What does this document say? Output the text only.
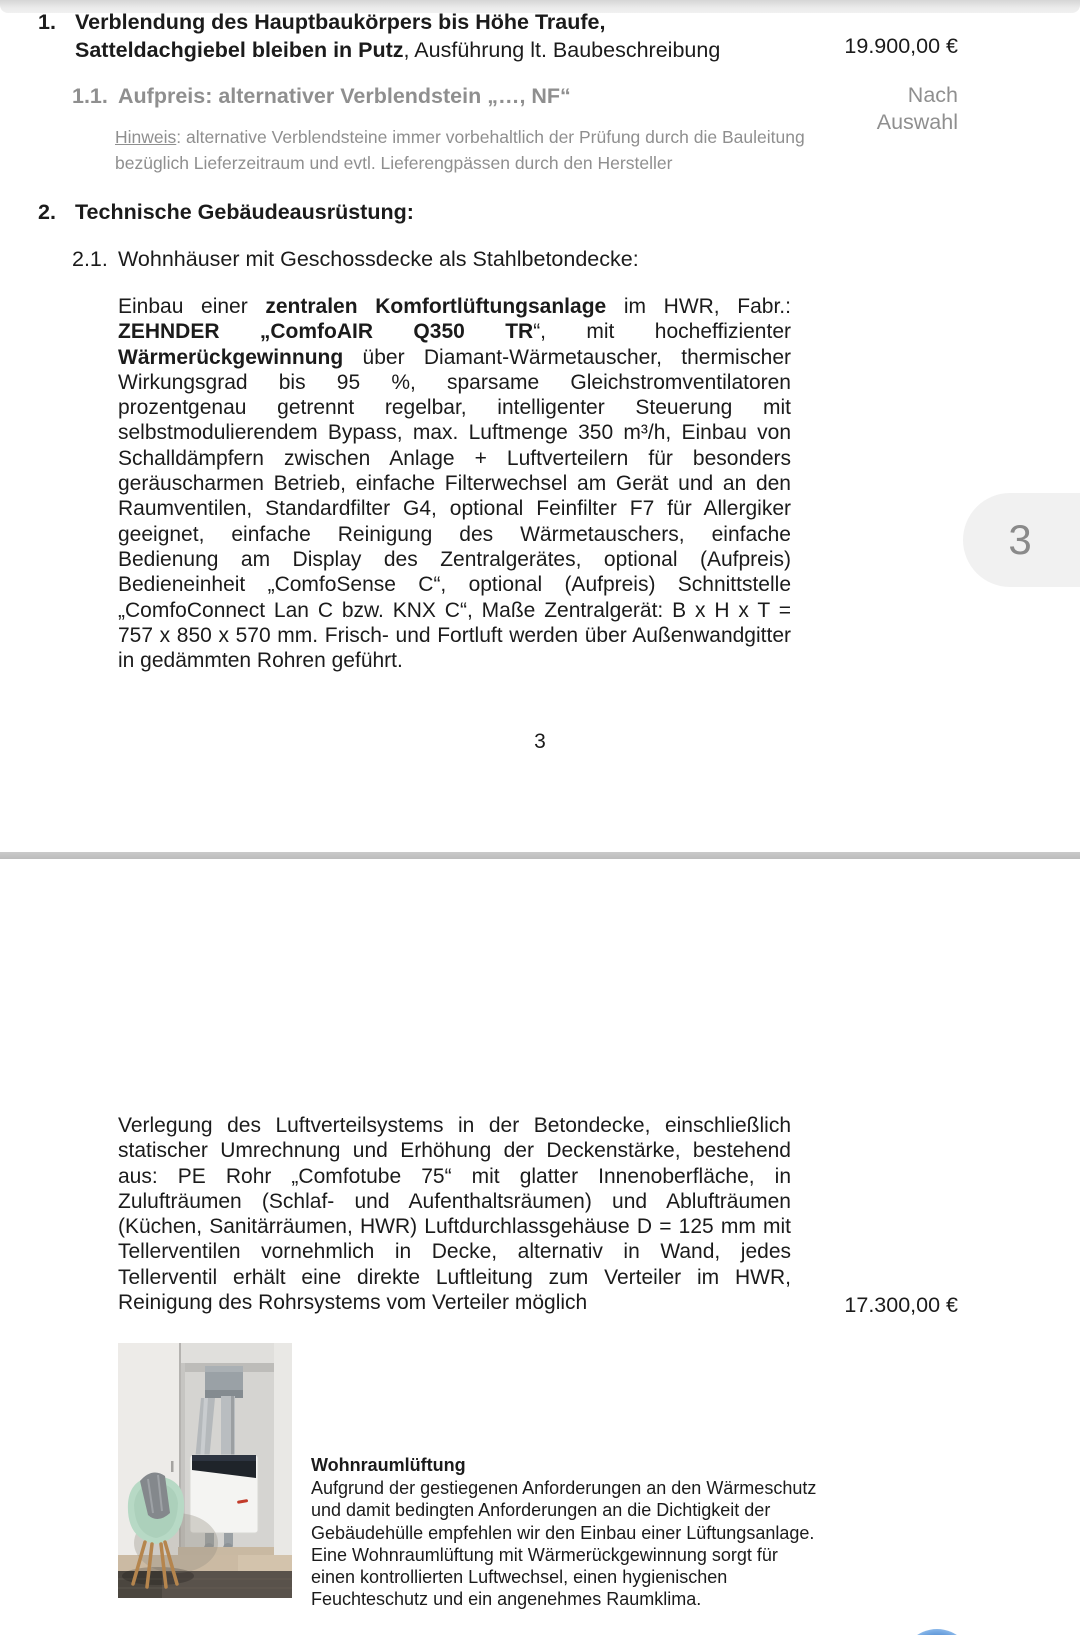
1. Verblendung des Hauptbaukörpers bis Höhe Traufe, Satteldachgiebel bleiben in Putz, Ausführung lt. Baubeschreibung	19.900,00 €
1.1. Aufpreis: alternativer Verblendstein „…, NF“	Nach
Auswahl
Hinweis: alternative Verblendsteine immer vorbehaltlich der Prüfung durch die Bauleitung
bezüglich Lieferzeitraum und evtl. Lieferengpässen durch den Hersteller
2. Technische Gebäudeausrüstung:
2.1. Wohnhäuser mit Geschossdecke als Stahlbetondecke:
Einbau einer zentralen Komfortlüftungsanlage im HWR, Fabr.: ZEHNDER „ComfoAIR Q350 TR“, mit hocheffizienter Wärmerückgewinnung über Diamant-Wärmetauscher, thermischer Wirkungsgrad bis 95 %, sparsame Gleichstromventilatoren prozentgenau getrennt regelbar, intelligenter Steuerung mit selbstmodulierendem Bypass, max. Luftmenge 350 m³/h, Einbau von Schalldämpfern zwischen Anlage + Luftverteilern für besonders geräuscharmen Betrieb, einfache Filterwechsel am Gerät und an den Raumventilen, Standardfilter G4, optional Feinfilter F7 für Allergiker geeignet, einfache Reinigung des Wärmetauschers, einfache Bedienung am Display des Zentralgerätes, optional (Aufpreis) Bedieneinheit „ComfoSense C“, optional (Aufpreis) Schnittstelle „ComfoConnect Lan C bzw. KNX C“, Maße Zentralgerät: B x H x T = 757 x 850 x 570 mm. Frisch- und Fortluft werden über Außenwandgitter in gedämmten Rohren geführt.
3
3
Verlegung des Luftverteilsystems in der Betondecke, einschließlich statischer Umrechnung und Erhöhung der Deckenstärke, bestehend aus: PE Rohr „Comfotube 75“ mit glatter Innenoberfläche, in Zulufträumen (Schlaf- und Aufenthaltsräumen) und Ablufträumen (Küchen, Sanitärräumen, HWR) Luftdurchlassgehäuse D = 125 mm mit Tellerventilen vornehmlich in Decke, alternativ in Wand, jedes Tellerventil erhält eine direkte Luftleitung zum Verteiler im HWR, Reinigung des Rohrsystems vom Verteiler möglich	17.300,00 €
Wohnraumlüftung
Aufgrund der gestiegenen Anforderungen an den Wärmeschutz
und damit bedingten Anforderungen an die Dichtigkeit der
Gebäudehülle empfehlen wir den Einbau einer Lüftungsanlage.
Eine Wohnraumlüftung mit Wärmerückgewinnung sorgt für
einen kontrollierten Luftwechsel, einen hygienischen
Feuchteschutz und ein angenehmes Raumklima.
